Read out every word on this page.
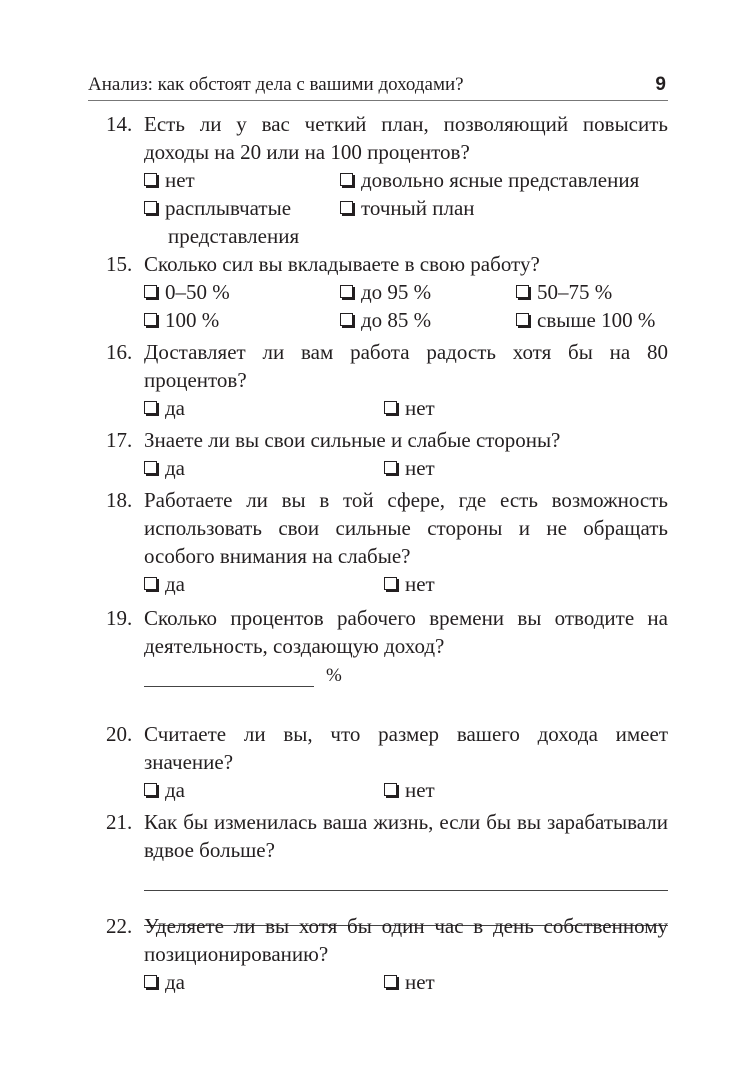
Анализ: как обстоят дела с вашими доходами?	9
14. Есть ли у вас четкий план, позволяющий повысить доходы на 20 или на 100 процентов?
нет	довольно ясные представления
расплывчатые	точный план
представления
15. Сколько сил вы вкладываете в свою работу?
0–50 %	до 95 %	50–75 %
100 %	до 85 %	свыше 100 %
16. Доставляет ли вам работа радость хотя бы на 80 процентов?
да	нет
17. Знаете ли вы свои сильные и слабые стороны?
да	нет
18. Работаете ли вы в той сфере, где есть возможность использовать свои сильные стороны и не обращать особого внимания на слабые?
да	нет
19. Сколько процентов рабочего времени вы отводите на деятельность, создающую доход?
%
20. Считаете ли вы, что размер вашего дохода имеет значение?
да	нет
21. Как бы изменилась ваша жизнь, если бы вы зарабатывали вдвое больше?
22. Уделяете ли вы хотя бы один час в день собственному позиционированию?
да	нет
